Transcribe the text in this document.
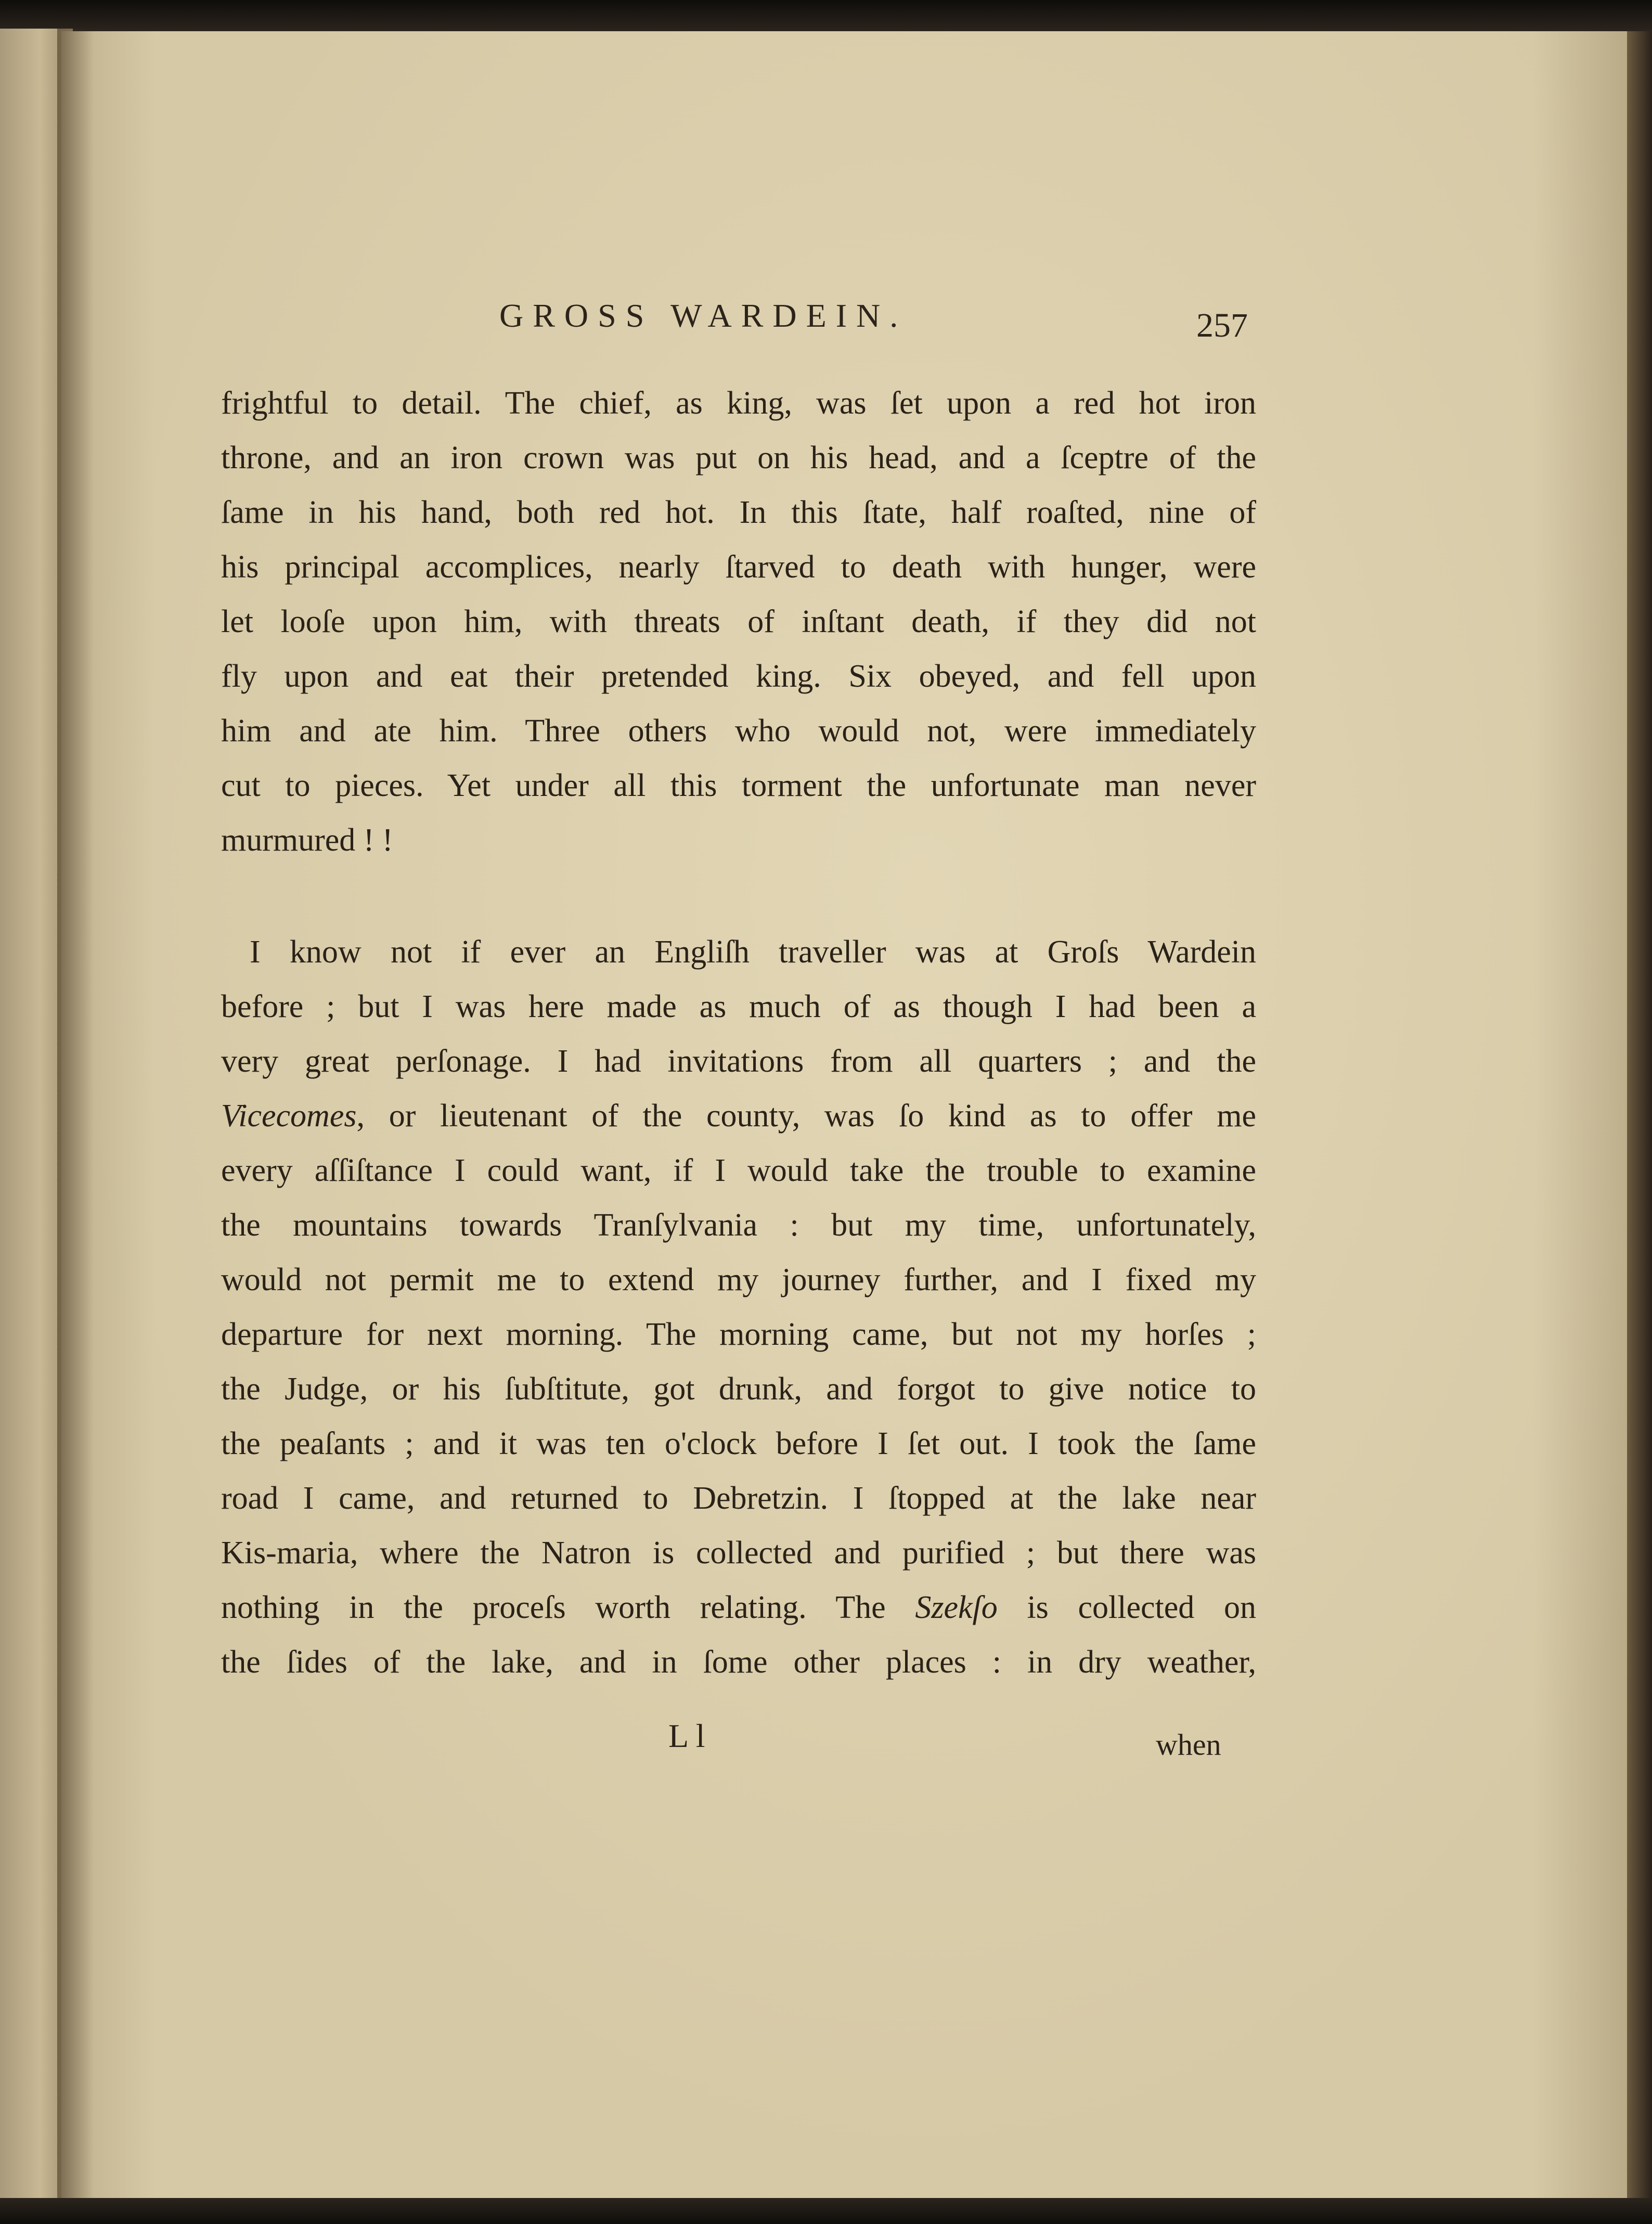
GROSS WARDEIN.	257
frightful to detail. The chief, as king, was ſet upon a red hot iron
throne, and an iron crown was put on his head, and a ſceptre of the
ſame in his hand, both red hot. In this ſtate, half roaſted, nine of
his principal accomplices, nearly ſtarved to death with hunger, were
let looſe upon him, with threats of inſtant death, if they did not
fly upon and eat their pretended king. Six obeyed, and fell upon
him and ate him. Three others who would not, were immediately
cut to pieces. Yet under all this torment the unfortunate man never
murmured ! !
I know not if ever an Engliſh traveller was at Groſs Wardein
before ; but I was here made as much of as though I had been a
very great perſonage. I had invitations from all quarters ; and the
Vicecomes, or lieutenant of the county, was ſo kind as to offer me
every aſſiſtance I could want, if I would take the trouble to examine
the mountains towards Tranſylvania : but my time, unfortunately,
would not permit me to extend my journey further, and I fixed my
departure for next morning. The morning came, but not my horſes ;
the Judge, or his ſubſtitute, got drunk, and forgot to give notice to
the peaſants ; and it was ten o'clock before I ſet out. I took the ſame
road I came, and returned to Debretzin. I ſtopped at the lake near
Kis-maria, where the Natron is collected and purified ; but there was
nothing in the proceſs worth relating. The Szekſo is collected on
the ſides of the lake, and in ſome other places : in dry weather,
L l	when
